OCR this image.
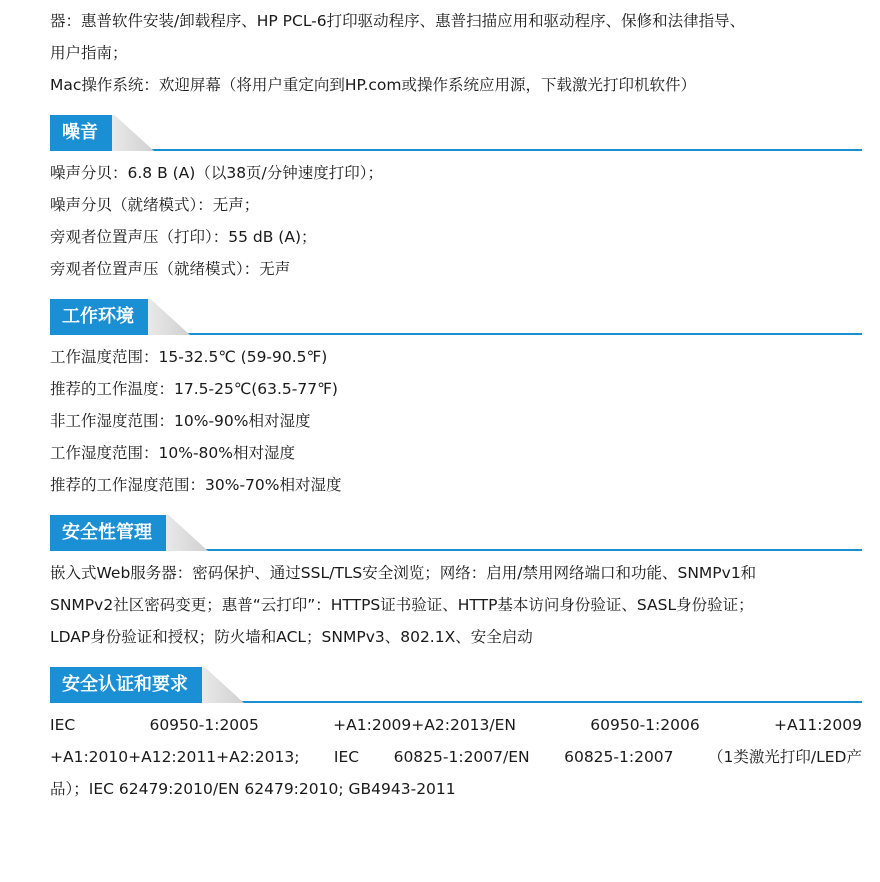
器：惠普软件安装/卸载程序、HP PCL-6打印驱动程序、惠普扫描应用和驱动程序、保修和法律指导、
用户指南；
Mac操作系统：欢迎屏幕（将用户重定向到HP.com或操作系统应用源，下载激光打印机软件）
噪音
噪声分贝：6.8 B (A)（以38页/分钟速度打印）；
噪声分贝（就绪模式）：无声；
旁观者位置声压（打印）：55 dB (A)；
旁观者位置声压（就绪模式）：无声
工作环境
工作温度范围：15-32.5℃ (59-90.5℉)
推荐的工作温度：17.5-25℃(63.5-77℉)
非工作湿度范围：10%-90%相对湿度
工作湿度范围：10%-80%相对湿度
推荐的工作湿度范围：30%-70%相对湿度
安全性管理
嵌入式Web服务器：密码保护、通过SSL/TLS安全浏览；网络：启用/禁用网络端口和功能、SNMPv1和
SNMPv2社区密码变更；惠普“云打印”：HTTPS证书验证、HTTP基本访问身份验证、SASL身份验证；
LDAP身份验证和授权；防火墙和ACL；SNMPv3、802.1X、安全启动
安全认证和要求
IEC	60950-1:2005	+A1:2009+A2:2013/EN	60950-1:2006	+A11:2009
+A1:2010+A12:2011+A2:2013; IEC 60825-1:2007/EN 60825-1:2007 （1类激光打印/LED产
品）；IEC 62479:2010/EN 62479:2010; GB4943-2011
